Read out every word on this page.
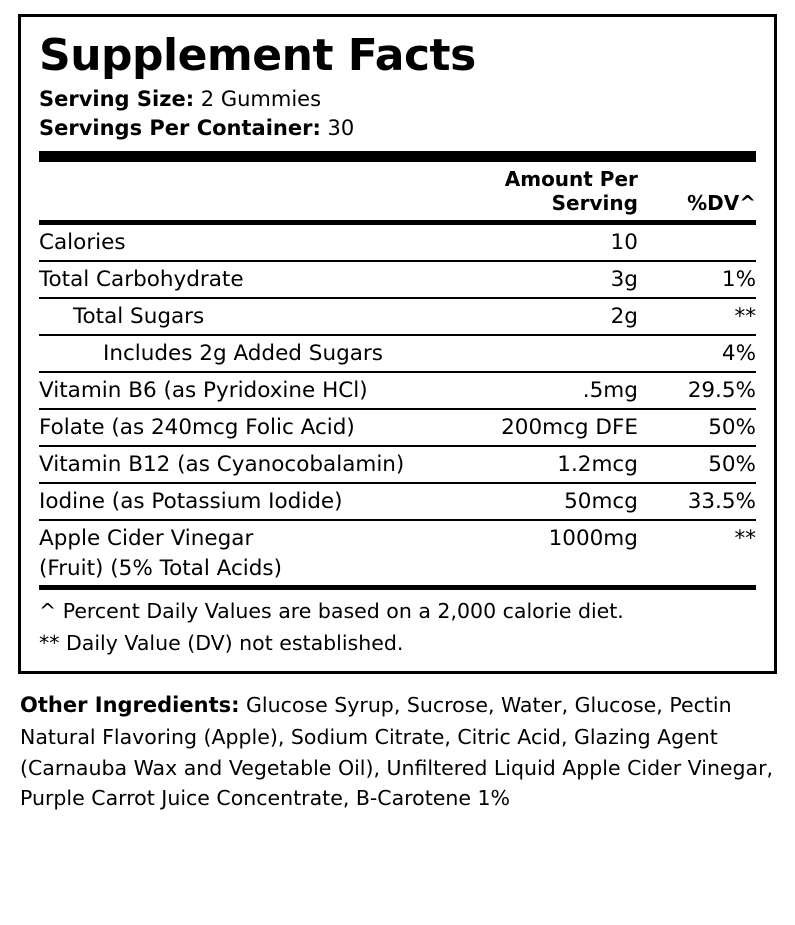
Supplement Facts

Serving Size: 2 Gummies

Servings Per Container: 30

	Amount Per Serving	%DV^
Calories	10	
Total Carbohydrate	3g	1%
Total Sugars	2g	**
Includes 2g Added Sugars		4%
Vitamin B6 (as Pyridoxine HCl)	.5mg	29.5%
Folate (as 240mcg Folic Acid)	200mcg DFE	50%
Vitamin B12 (as Cyanocobalamin)	1.2mcg	50%
Iodine (as Potassium Iodide)	50mcg	33.5%
Apple Cider Vinegar	1000mg	**
(Fruit) (5% Total Acids)		
^ Percent Daily Values are based on a 2,000 calorie diet.
** Daily Value (DV) not established.
Other Ingredients: Glucose Syrup, Sucrose, Water, Glucose, Pectin Natural Flavoring (Apple), Sodium Citrate, Citric Acid, Glazing Agent (Carnauba Wax and Vegetable Oil), Unfiltered Liquid Apple Cider Vinegar, Purple Carrot Juice Concentrate, B-Carotene 1%
